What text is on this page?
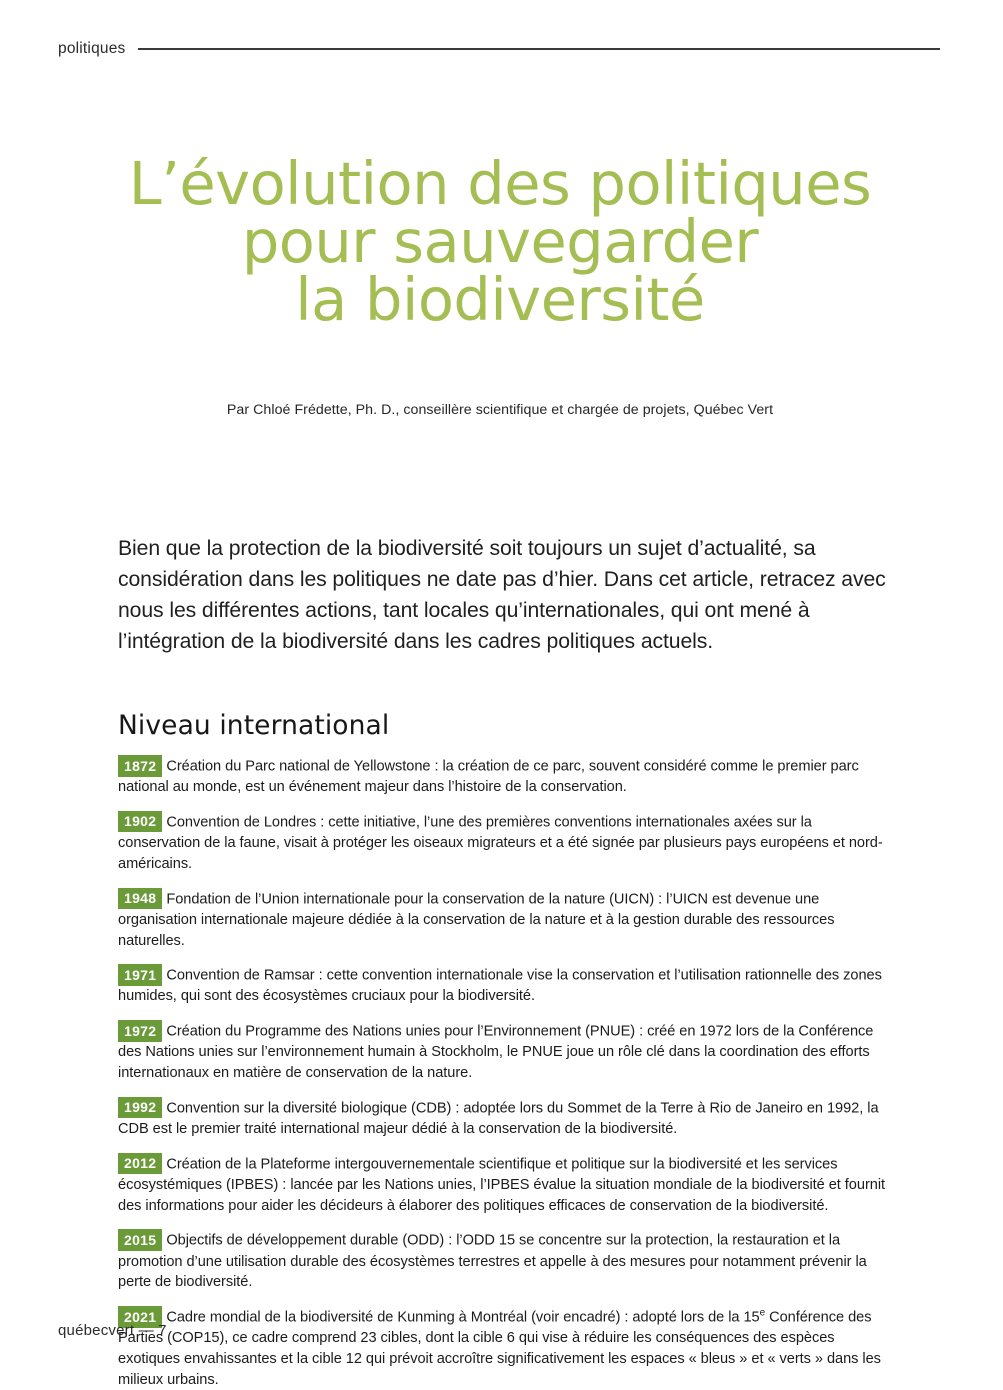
politiques
L’évolution des politiques
pour sauvegarder
la biodiversité
Par Chloé Frédette, Ph. D., conseillère scientifique et chargée de projets, Québec Vert

Bien que la protection de la biodiversité soit toujours un sujet d’actualité, sa considération dans les politiques ne date pas d’hier. Dans cet article, retracez avec nous les différentes actions, tant locales qu’internationales, qui ont mené à l’intégration de la biodiversité dans les cadres politiques actuels.

Niveau international

1872 Création du Parc national de Yellowstone : la création de ce parc, souvent considéré comme le premier parc national au monde, est un événement majeur dans l’histoire de la conservation.

1902 Convention de Londres : cette initiative, l’une des premières conventions internationales axées sur la conservation de la faune, visait à protéger les oiseaux migrateurs et a été signée par plusieurs pays européens et nord-américains.

1948 Fondation de l’Union internationale pour la conservation de la nature (UICN) : l’UICN est devenue une organisation internationale majeure dédiée à la conservation de la nature et à la gestion durable des ressources naturelles.

1971 Convention de Ramsar : cette convention internationale vise la conservation et l’utilisation rationnelle des zones humides, qui sont des écosystèmes cruciaux pour la biodiversité.

1972 Création du Programme des Nations unies pour l’Environnement (PNUE) : créé en 1972 lors de la Conférence des Nations unies sur l’environnement humain à Stockholm, le PNUE joue un rôle clé dans la coordination des efforts internationaux en matière de conservation de la nature.

1992 Convention sur la diversité biologique (CDB) : adoptée lors du Sommet de la Terre à Rio de Janeiro en 1992, la CDB est le premier traité international majeur dédié à la conservation de la biodiversité.

2012 Création de la Plateforme intergouvernementale scientifique et politique sur la biodiversité et les services écosystémiques (IPBES) : lancée par les Nations unies, l’IPBES évalue la situation mondiale de la biodiversité et fournit des informations pour aider les décideurs à élaborer des politiques efficaces de conservation de la biodiversité.

2015 Objectifs de développement durable (ODD) : l’ODD 15 se concentre sur la protection, la restauration et la promotion d’une utilisation durable des écosystèmes terrestres et appelle à des mesures pour notamment prévenir la perte de biodiversité.

2021 Cadre mondial de la biodiversité de Kunming à Montréal (voir encadré) : adopté lors de la 15e Conférence des Parties (COP15), ce cadre comprend 23 cibles, dont la cible 6 qui vise à réduire les conséquences des espèces exotiques envahissantes et la cible 12 qui prévoit accroître significativement les espaces « bleus » et « verts » dans les milieux urbains.

québecvert — 7
